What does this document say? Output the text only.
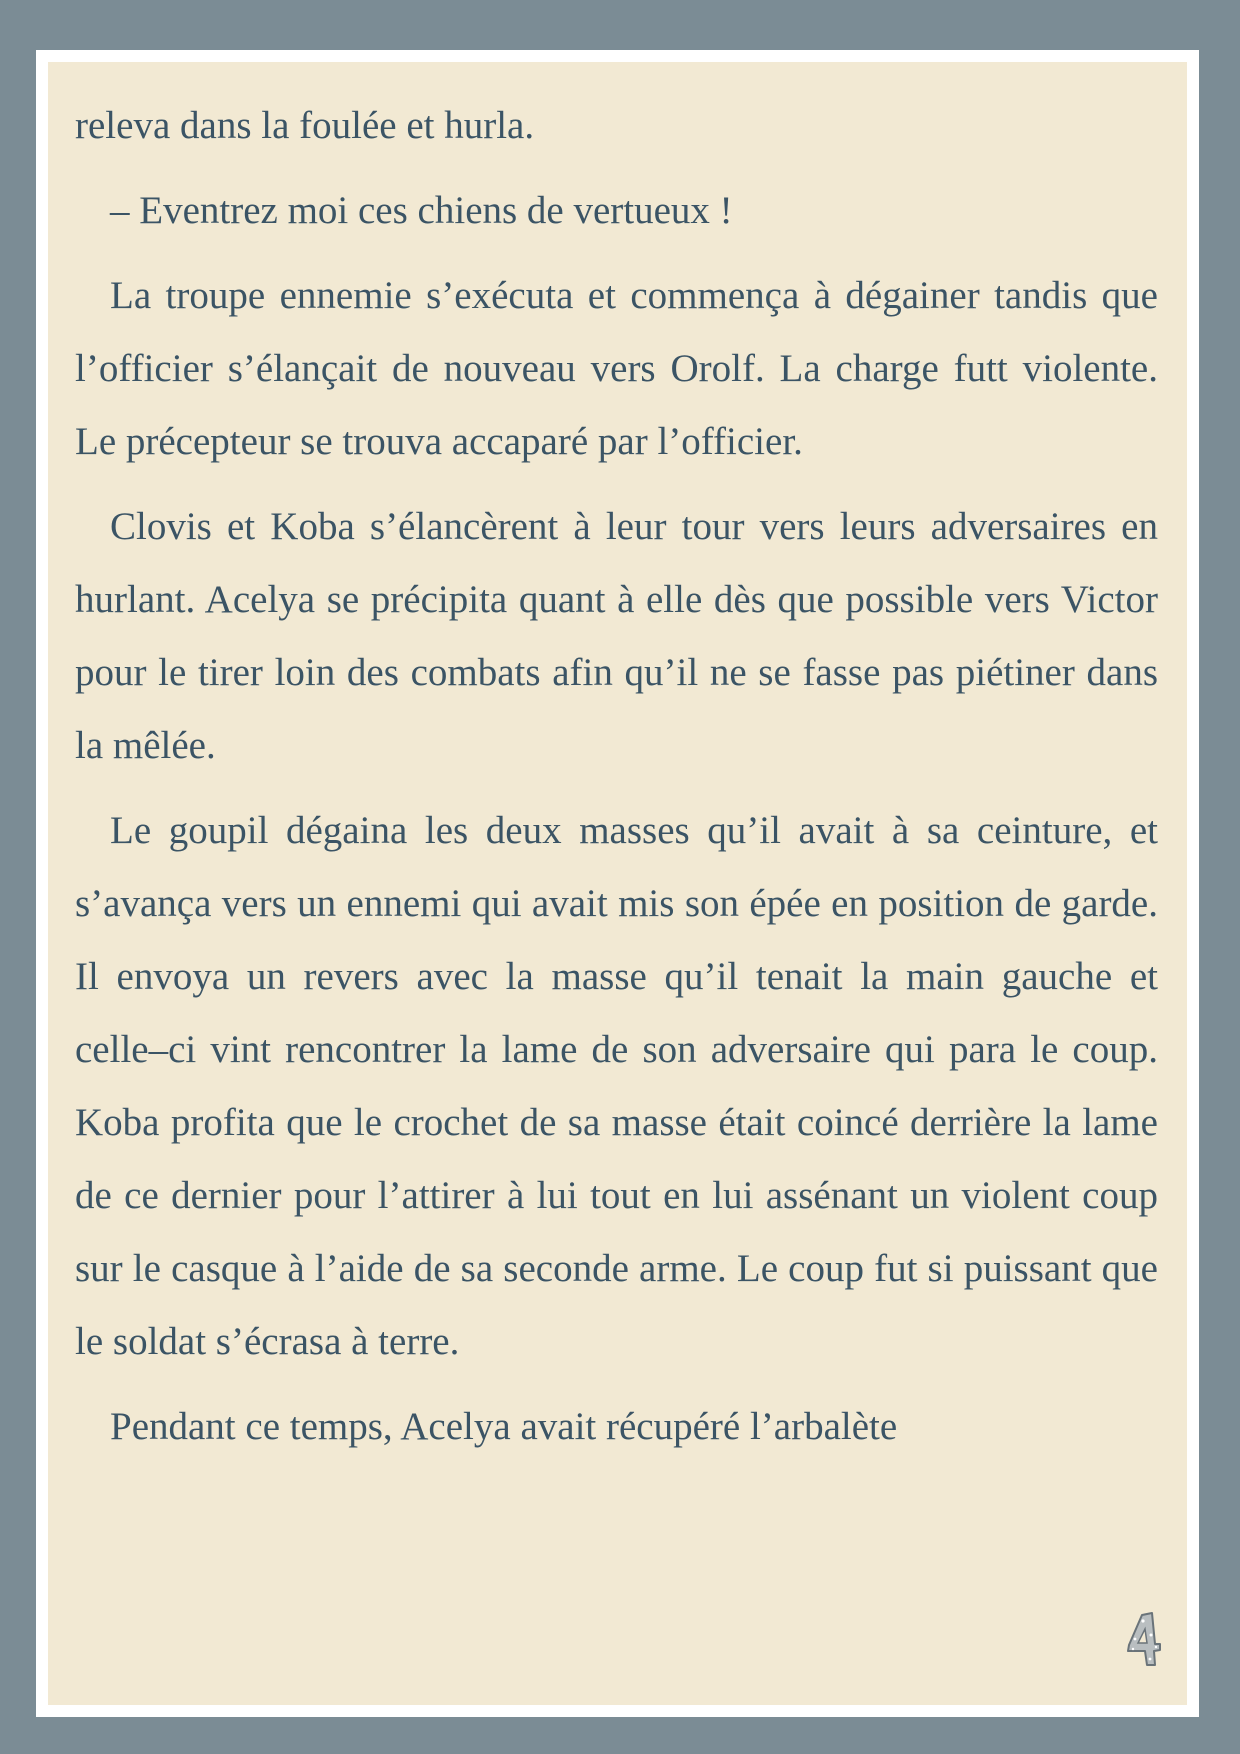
releva dans la foulée et hurla.

– Eventrez moi ces chiens de vertueux !

La troupe ennemie s’exécuta et commença à dégainer tandis que l’officier s’élançait de nouveau vers Orolf. La charge futt violente. Le précepteur se trouva accaparé par l’officier.

Clovis et Koba s’élancèrent à leur tour vers leurs adversaires en hurlant. Acelya se précipita quant à elle dès que possible vers Victor pour le tirer loin des combats afin qu’il ne se fasse pas piétiner dans la mêlée.

Le goupil dégaina les deux masses qu’il avait à sa ceinture, et s’avança vers un ennemi qui avait mis son épée en position de garde. Il envoya un revers avec la masse qu’il tenait la main gauche et celle–ci vint rencontrer la lame de son adversaire qui para le coup. Koba profita que le crochet de sa masse était coincé derrière la lame de ce dernier pour l’attirer à lui tout en lui assénant un violent coup sur le casque à l’aide de sa seconde arme. Le coup fut si puissant que le soldat s’écrasa à terre.

Pendant ce temps, Acelya avait récupéré l’arbalète
